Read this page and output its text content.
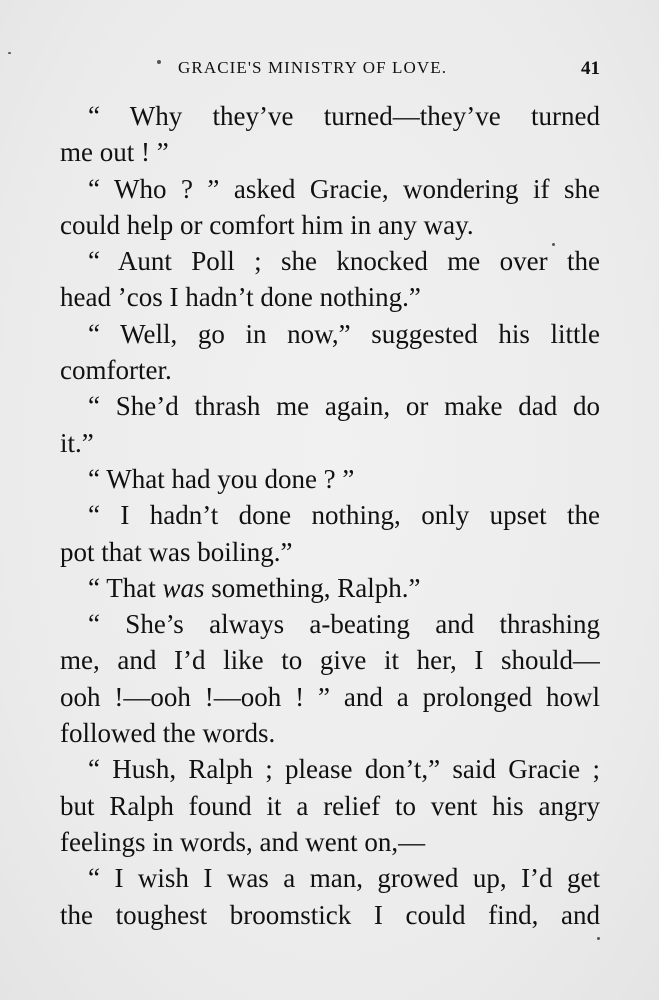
GRACIE'S MINISTRY OF LOVE.	41
“ Why they’ve turned—they’ve turned
me out ! ”
“ Who ? ” asked Gracie, wondering if she
could help or comfort him in any way.
“ Aunt Poll ; she knocked me over the
head ’cos I hadn’t done nothing.”
“ Well, go in now,” suggested his little
comforter.
“ She’d thrash me again, or make dad do
it.”
“ What had you done ? ”
“ I hadn’t done nothing, only upset the
pot that was boiling.”
“ That was something, Ralph.”
“ She’s always a-beating and thrashing
me, and I’d like to give it her, I should—
ooh !—ooh !—ooh ! ” and a prolonged howl
followed the words.
“ Hush, Ralph ; please don’t,” said Gracie ;
but Ralph found it a relief to vent his angry
feelings in words, and went on,—
“ I wish I was a man, growed up, I’d get
the toughest broomstick I could find, and
